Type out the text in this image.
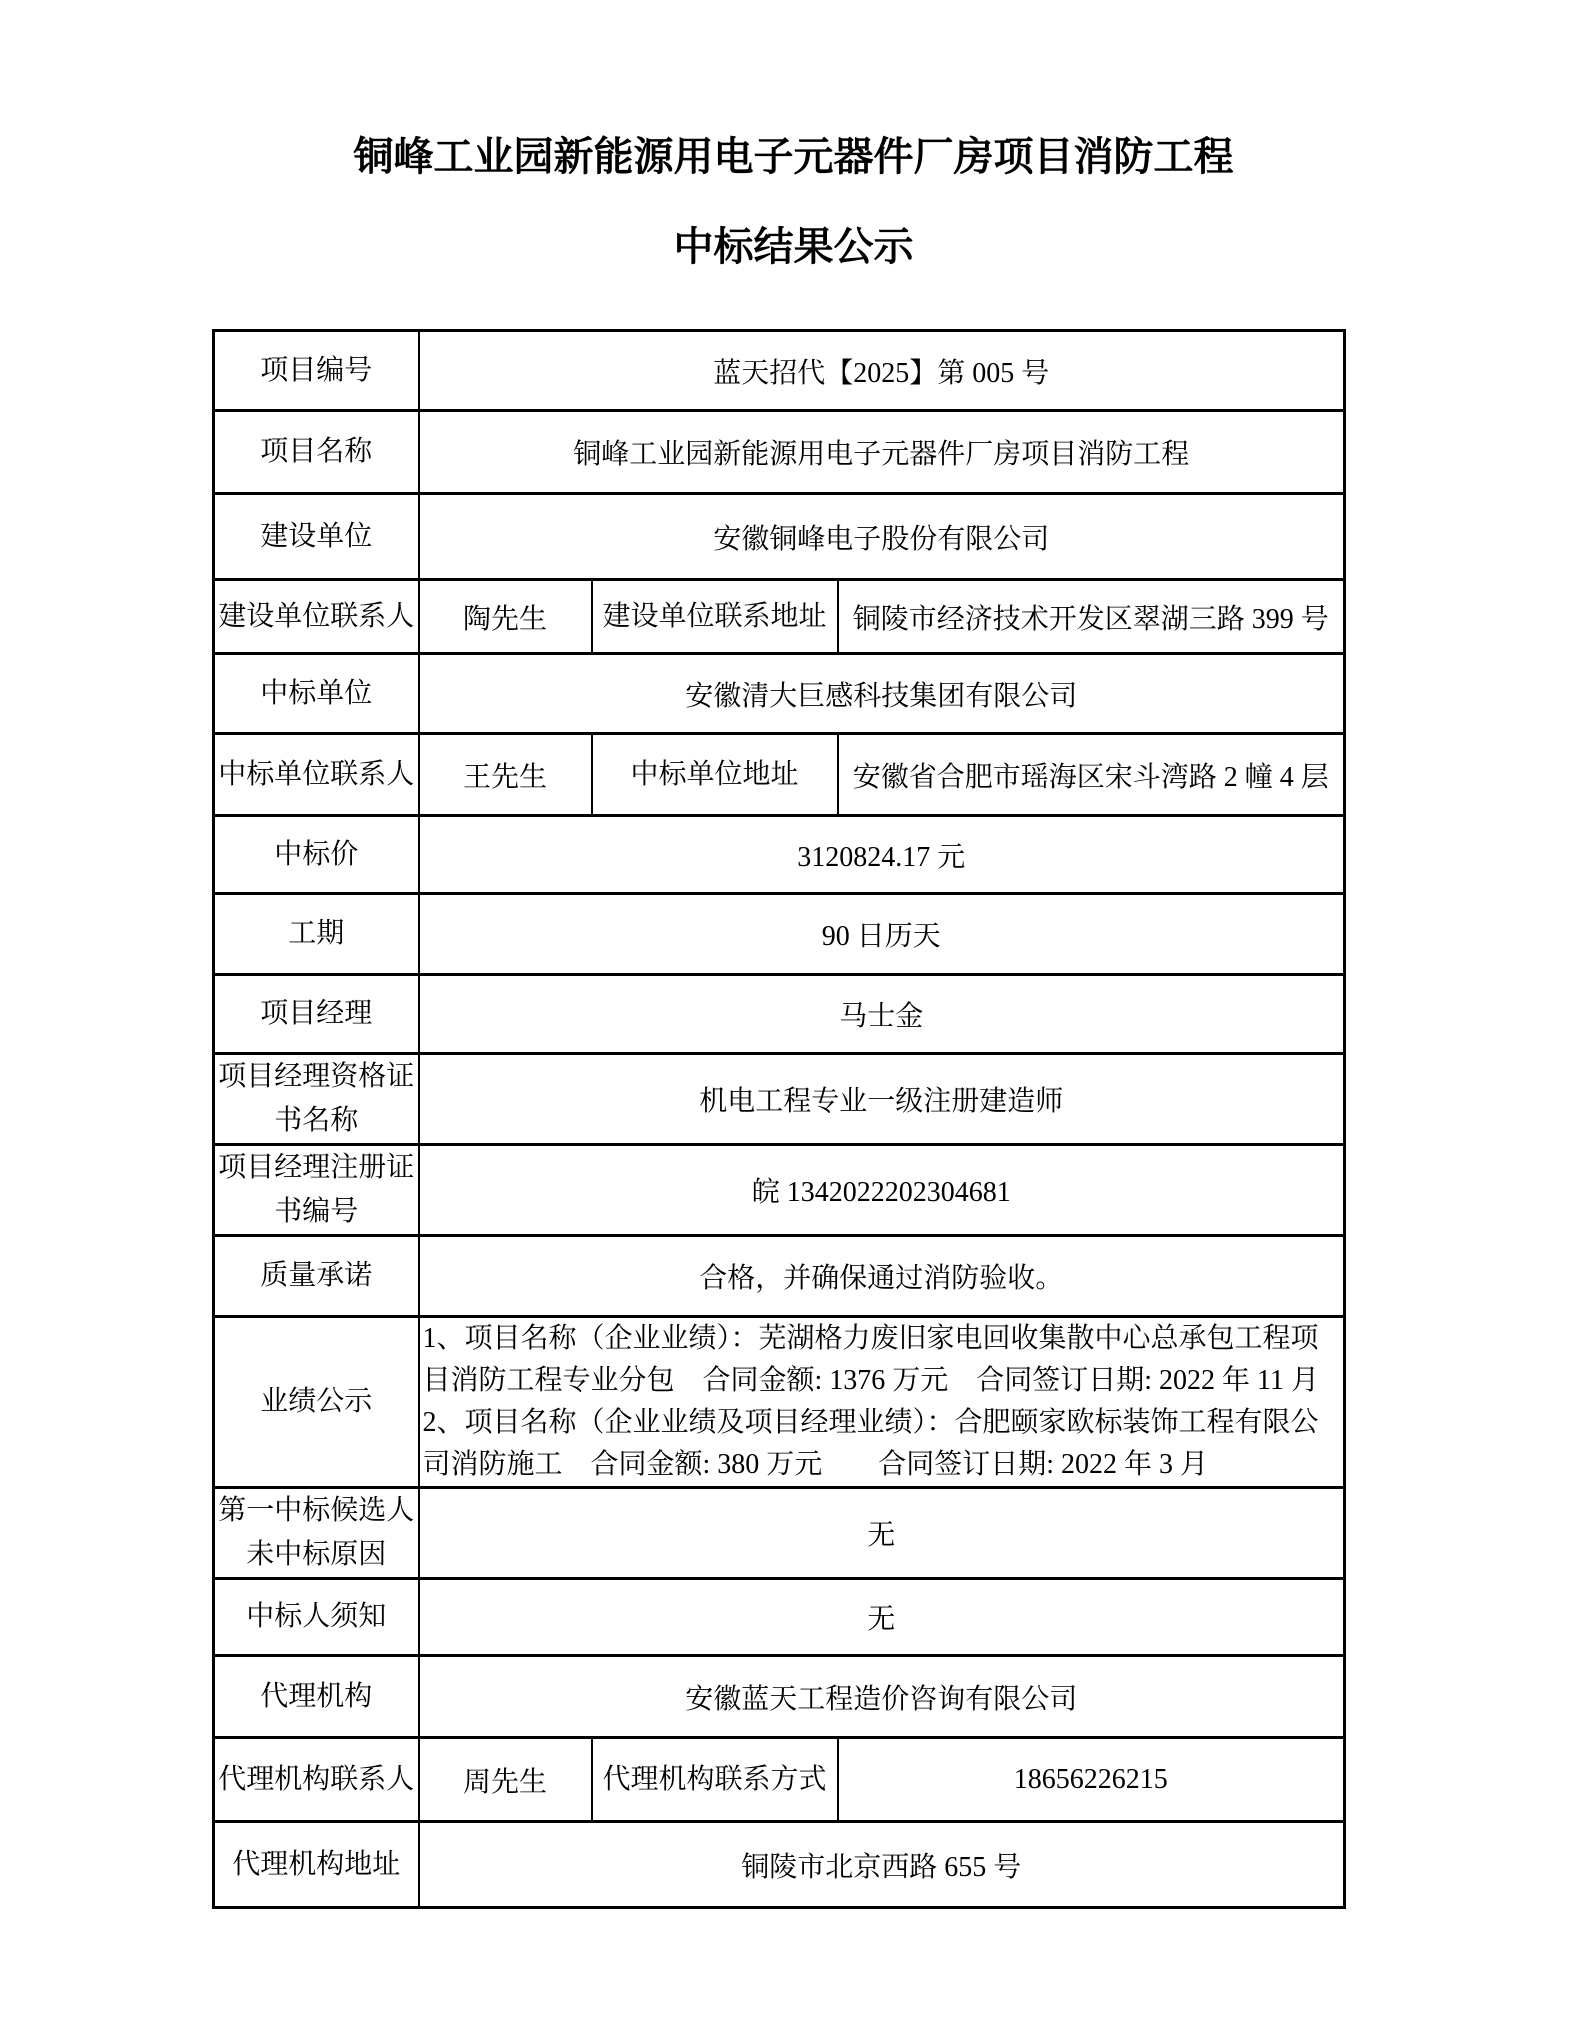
铜峰工业园新能源用电子元器件厂房项目消防工程
中标结果公示
项目编号	蓝天招代【2025】第 005 号		
项目名称	铜峰工业园新能源用电子元器件厂房项目消防工程		
建设单位	安徽铜峰电子股份有限公司		
建设单位联系人	陶先生	建设单位联系地址	铜陵市经济技术开发区翠湖三路 399 号
中标单位	安徽清大巨感科技集团有限公司		
中标单位联系人	王先生	中标单位地址	安徽省合肥市瑶海区宋斗湾路 2 幢 4 层
中标价	3120824.17 元		
工期	90 日历天		
项目经理	马士金		
项目经理资格证书名称	机电工程专业一级注册建造师		
项目经理注册证书编号	皖 1342022202304681		
质量承诺	合格，并确保通过消防验收。		
业绩公示	1、项目名称（企业业绩）：芜湖格力废旧家电回收集散中心总承包工程项
目消防工程专业分包　合同金额: 1376 万元　合同签订日期: 2022 年 11 月
2、项目名称（企业业绩及项目经理业绩）：合肥颐家欧标装饰工程有限公
司消防施工　合同金额: 380 万元　　合同签订日期: 2022 年 3 月		

第一中标候选人未中标原因	无		
中标人须知	无		
代理机构	安徽蓝天工程造价咨询有限公司		
代理机构联系人	周先生	代理机构联系方式	18656226215
代理机构地址	铜陵市北京西路 655 号		
